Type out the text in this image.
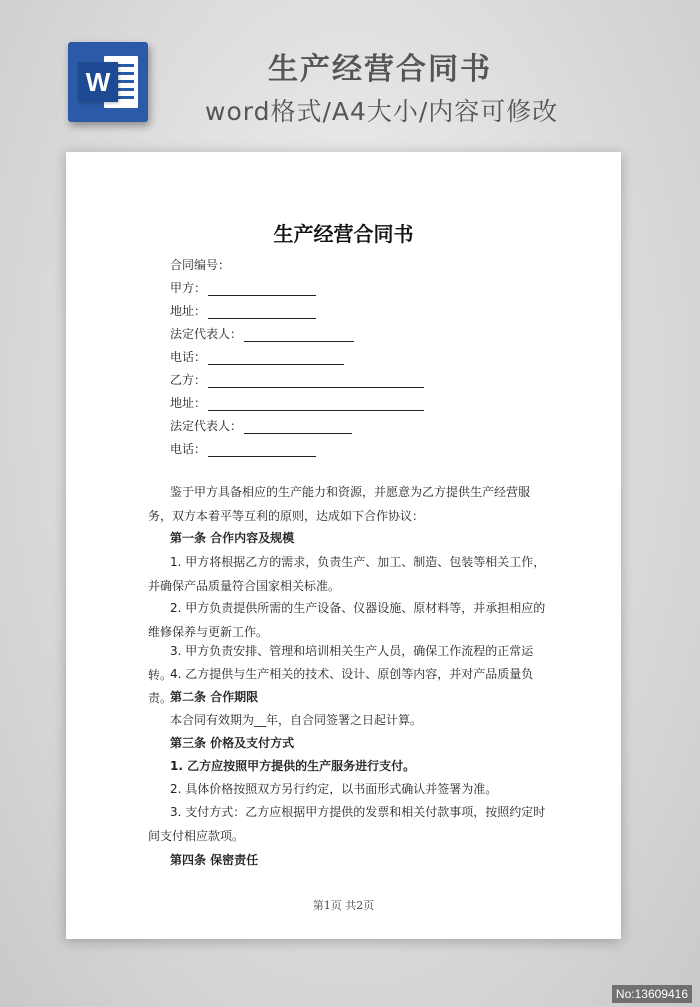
W	生产经营合同书
word格式/A4大小/内容可修改
生产经营合同书
合同编号：
甲方：
地址：
法定代表人：
电话：
乙方：
地址：
法定代表人：
电话：

鉴于甲方具备相应的生产能力和资源，并愿意为乙方提供生产经营服务，双方本着平等互利的原则，达成如下合作协议：

第一条 合作内容及规模

1. 甲方将根据乙方的需求，负责生产、加工、制造、包装等相关工作，并确保产品质量符合国家相关标准。

2. 甲方负责提供所需的生产设备、仪器设施、原材料等，并承担相应的维修保养与更新工作。

3. 甲方负责安排、管理和培训相关生产人员，确保工作流程的正常运转。

4. 乙方提供与生产相关的技术、设计、原创等内容，并对产品质量负责。

第二条 合作期限

本合同有效期为__年，自合同签署之日起计算。

第三条 价格及支付方式

1. 乙方应按照甲方提供的生产服务进行支付。

2. 具体价格按照双方另行约定，以书面形式确认并签署为准。

3. 支付方式：乙方应根据甲方提供的发票和相关付款事项，按照约定时间支付相应款项。

第四条 保密责任

第1页 共2页
No:13609416
